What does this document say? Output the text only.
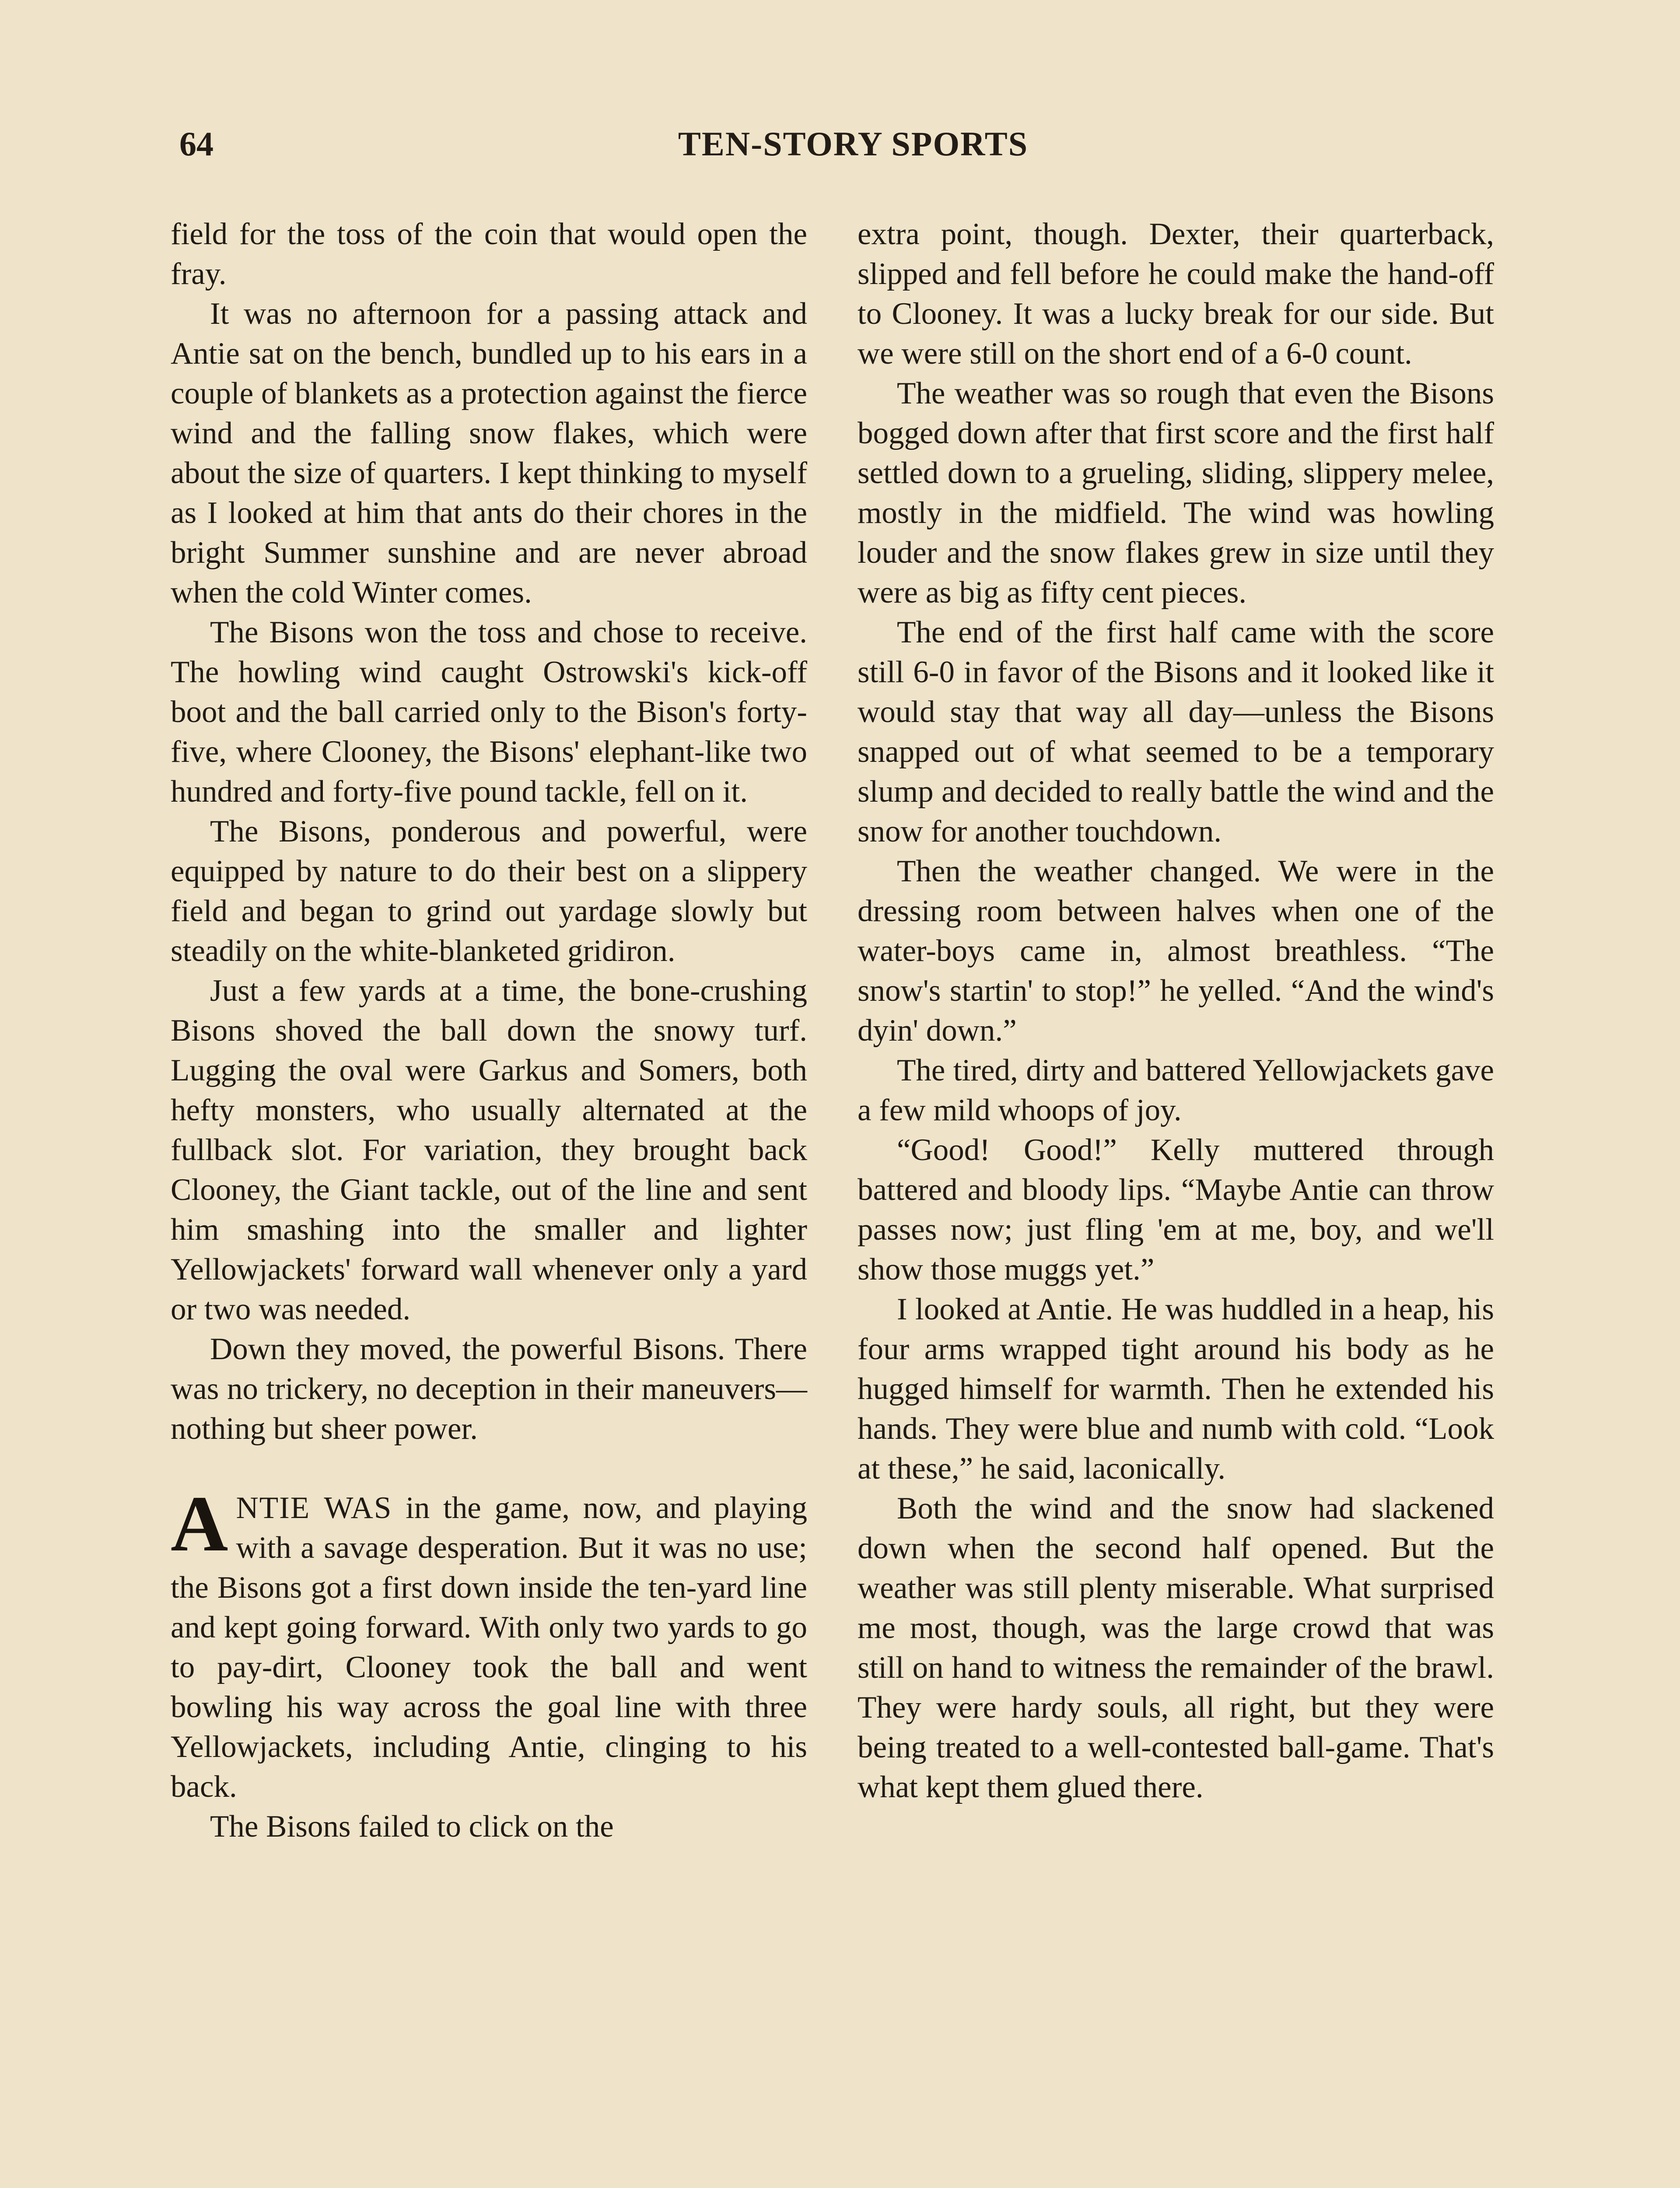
64	TEN-STORY SPORTS

field for the toss of the coin that would open the fray.

It was no afternoon for a passing attack and Antie sat on the bench, bundled up to his ears in a couple of blankets as a protection against the fierce wind and the falling snow flakes, which were about the size of quarters. I kept thinking to myself as I looked at him that ants do their chores in the bright Summer sunshine and are never abroad when the cold Winter comes.

The Bisons won the toss and chose to receive. The howling wind caught Ostrowski's kick-off boot and the ball carried only to the Bison's forty-five, where Clooney, the Bisons' elephant-like two hundred and forty-five pound tackle, fell on it.

The Bisons, ponderous and powerful, were equipped by nature to do their best on a slippery field and began to grind out yardage slowly but steadily on the white-blanketed gridiron.

Just a few yards at a time, the bone-crushing Bisons shoved the ball down the snowy turf. Lugging the oval were Garkus and Somers, both hefty monsters, who usually alternated at the fullback slot. For variation, they brought back Clooney, the Giant tackle, out of the line and sent him smashing into the smaller and lighter Yellowjackets' forward wall whenever only a yard or two was needed.

Down they moved, the powerful Bisons. There was no trickery, no deception in their maneuvers—nothing but sheer power.

ANTIE WAS in the game, now, and playing with a savage desperation. But it was no use; the Bisons got a first down inside the ten-yard line and kept going forward. With only two yards to go to pay-dirt, Clooney took the ball and went bowling his way across the goal line with three Yellowjackets, including Antie, clinging to his back.

The Bisons failed to click on the

extra point, though. Dexter, their quarterback, slipped and fell before he could make the hand-off to Clooney. It was a lucky break for our side. But we were still on the short end of a 6-0 count.

The weather was so rough that even the Bisons bogged down after that first score and the first half settled down to a grueling, sliding, slippery melee, mostly in the midfield. The wind was howling louder and the snow flakes grew in size until they were as big as fifty cent pieces.

The end of the first half came with the score still 6-0 in favor of the Bisons and it looked like it would stay that way all day—unless the Bisons snapped out of what seemed to be a temporary slump and decided to really battle the wind and the snow for another touchdown.

Then the weather changed. We were in the dressing room between halves when one of the water-boys came in, almost breathless. “The snow's startin' to stop!” he yelled. “And the wind's dyin' down.”

The tired, dirty and battered Yellowjackets gave a few mild whoops of joy.

“Good! Good!” Kelly muttered through battered and bloody lips. “Maybe Antie can throw passes now; just fling 'em at me, boy, and we'll show those muggs yet.”

I looked at Antie. He was huddled in a heap, his four arms wrapped tight around his body as he hugged himself for warmth. Then he extended his hands. They were blue and numb with cold. “Look at these,” he said, laconically.

Both the wind and the snow had slackened down when the second half opened. But the weather was still plenty miserable. What surprised me most, though, was the large crowd that was still on hand to witness the remainder of the brawl. They were hardy souls, all right, but they were being treated to a well-contested ball-game. That's what kept them glued there.
